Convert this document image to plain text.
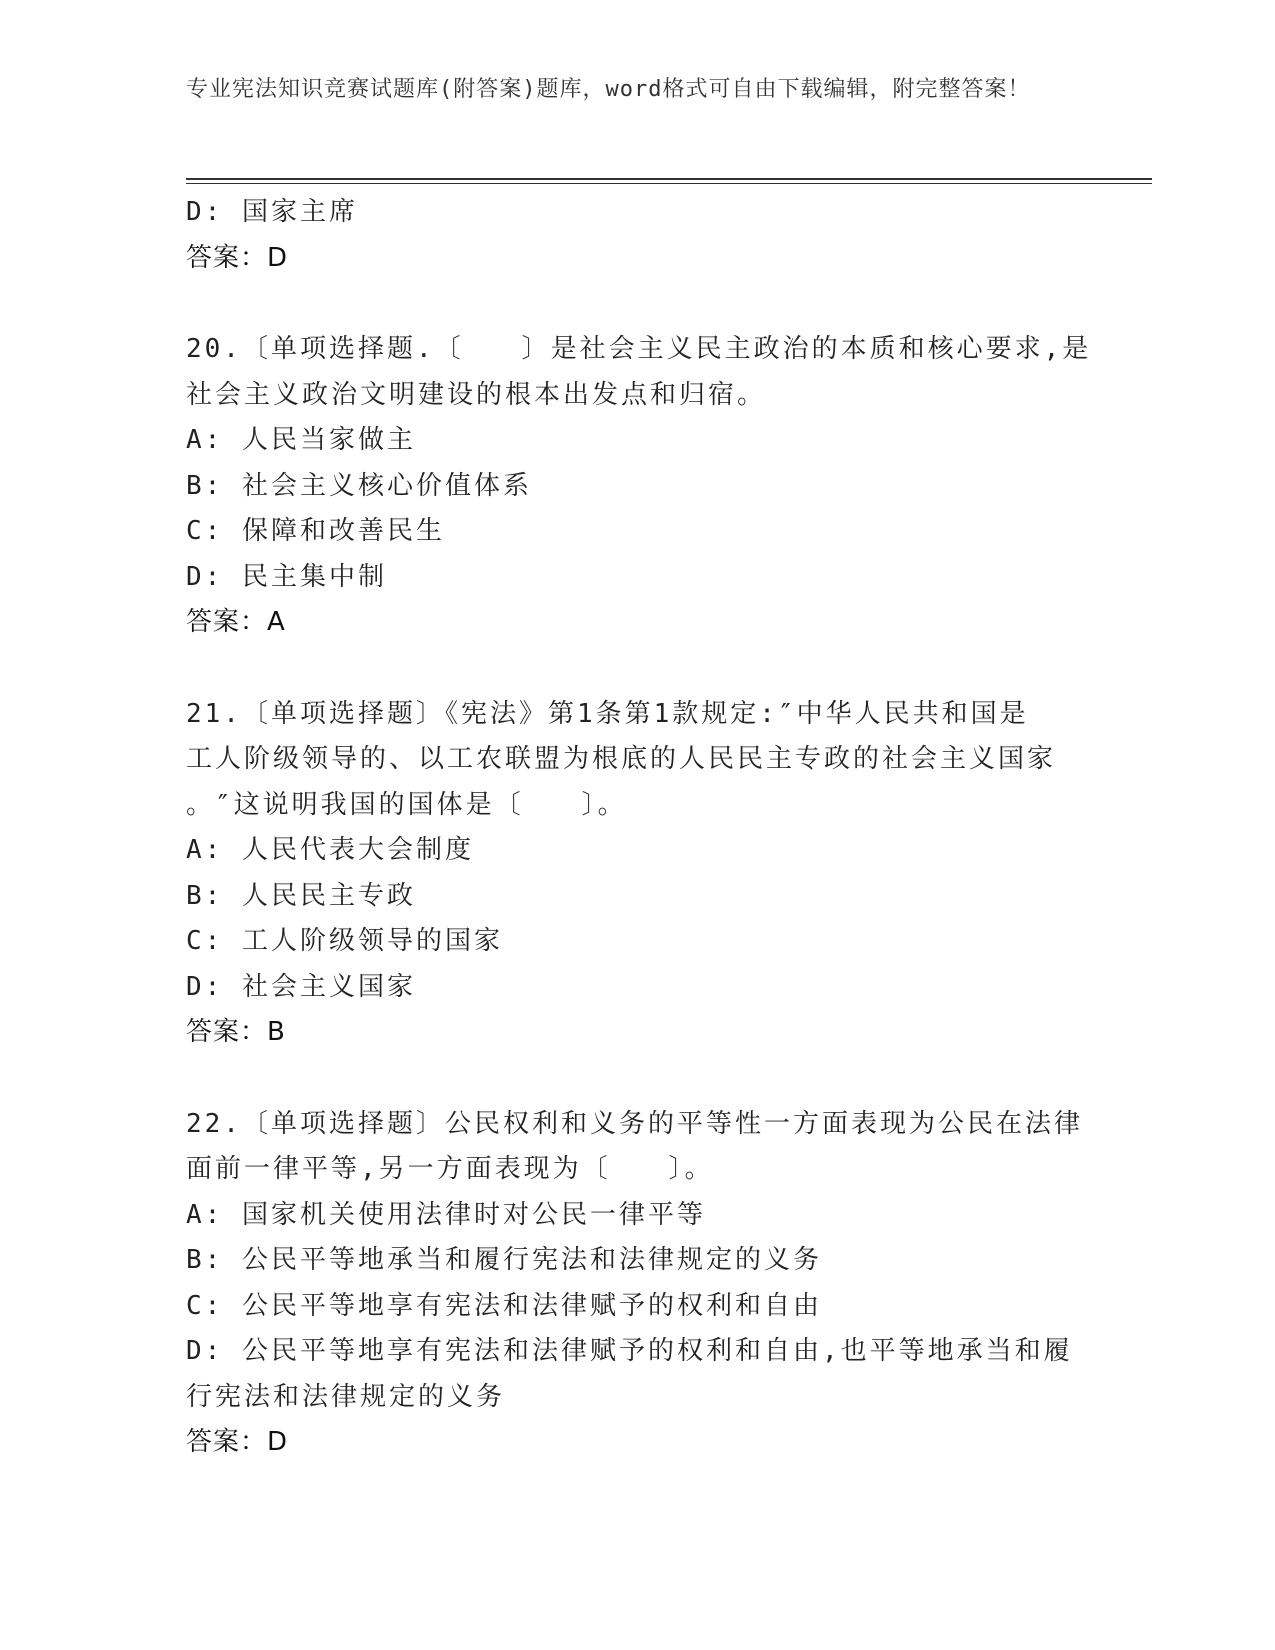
专业宪法知识竞赛试题库(附答案)题库，word格式可自由下载编辑，附完整答案！
D: 国家主席
答案：D
20.〔单项选择题.〔　　〕是社会主义民主政治的本质和核心要求,是
社会主义政治文明建设的根本出发点和归宿。
A: 人民当家做主
B: 社会主义核心价值体系
C: 保障和改善民生
D: 民主集中制
答案：A
21.〔单项选择题〕《宪法》第1条第1款规定:″中华人民共和国是
工人阶级领导的、以工农联盟为根底的人民民主专政的社会主义国家
。″这说明我国的国体是〔　　〕。
A: 人民代表大会制度
B: 人民民主专政
C: 工人阶级领导的国家
D: 社会主义国家
答案：B
22.〔单项选择题〕公民权利和义务的平等性一方面表现为公民在法律
面前一律平等,另一方面表现为〔　　〕。
A: 国家机关使用法律时对公民一律平等
B: 公民平等地承当和履行宪法和法律规定的义务
C: 公民平等地享有宪法和法律赋予的权利和自由
D: 公民平等地享有宪法和法律赋予的权利和自由,也平等地承当和履
行宪法和法律规定的义务
答案：D
